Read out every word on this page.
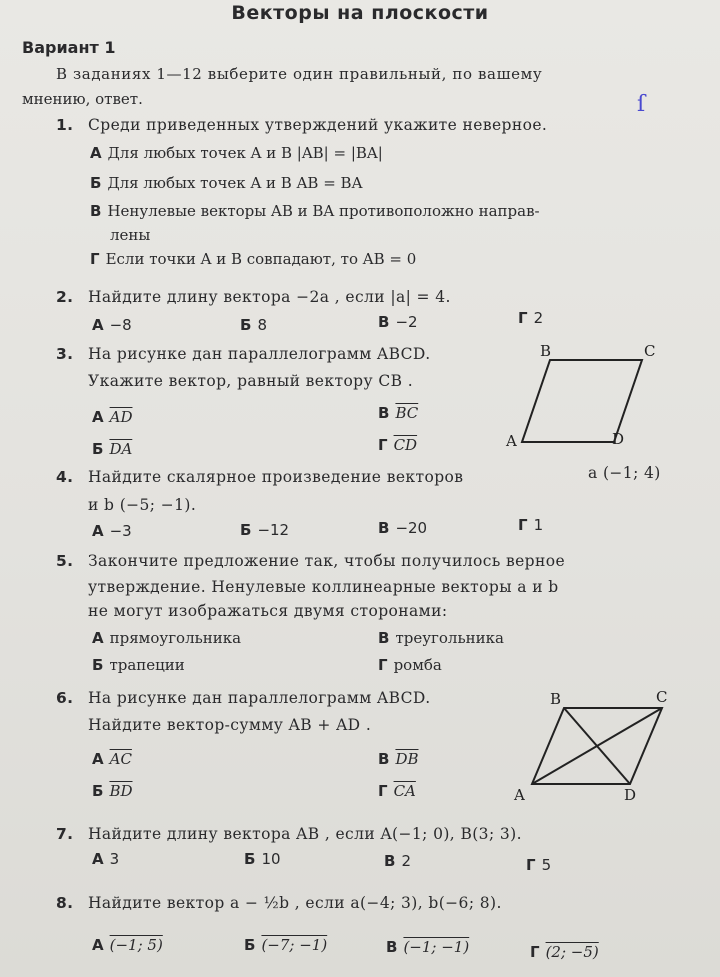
Векторы на плоскости
Вариант 1
В заданиях 1—12 выберите один правильный, по вашему
мнению, ответ.	ſ
1. Среди приведенных утверждений укажите неверное.
А Для любых точек A и B |AB| = |BA|
Б Для любых точек A и B AB = BA
В Ненулевые векторы AB и BA противоположно направ-
лены
Г Если точки A и B совпадают, то AB = 0
2. Найдите длину вектора −2a , если |a| = 4.
А −8	Б 8	В −2	Г 2
3. На рисунке дан параллелограмм ABCD.
Укажите вектор, равный вектору CB .
А $\overline{AD}$	В $\overline{BC}$
Б $\overline{DA}$	Г $\overline{CD}$
B	C
A	D
4. Найдите скалярное произведение векторов	a (−1; 4)
и b (−5; −1).
А −3	Б −12	В −20	Г 1
5. Закончите предложение так, чтобы получилось верное
утверждение. Ненулевые коллинеарные векторы a и b
не могут изображаться двумя сторонами:
А прямоугольника	В треугольника
Б трапеции	Г ромба
6. На рисунке дан параллелограмм ABCD.
Найдите вектор-сумму AB + AD .
А $\overline{AC}$	В $\overline{DB}$
Б $\overline{BD}$	Г $\overline{CA}$
B	C
A	D
7. Найдите длину вектора AB , если A(−1; 0), B(3; 3).
А 3	Б 10	В 2	Г 5
8. Найдите вектор a − ½b , если a(−4; 3), b(−6; 8).
А (−1; 5)	Б (−7; −1)	В (−1; −1)	Г (2; −5)
